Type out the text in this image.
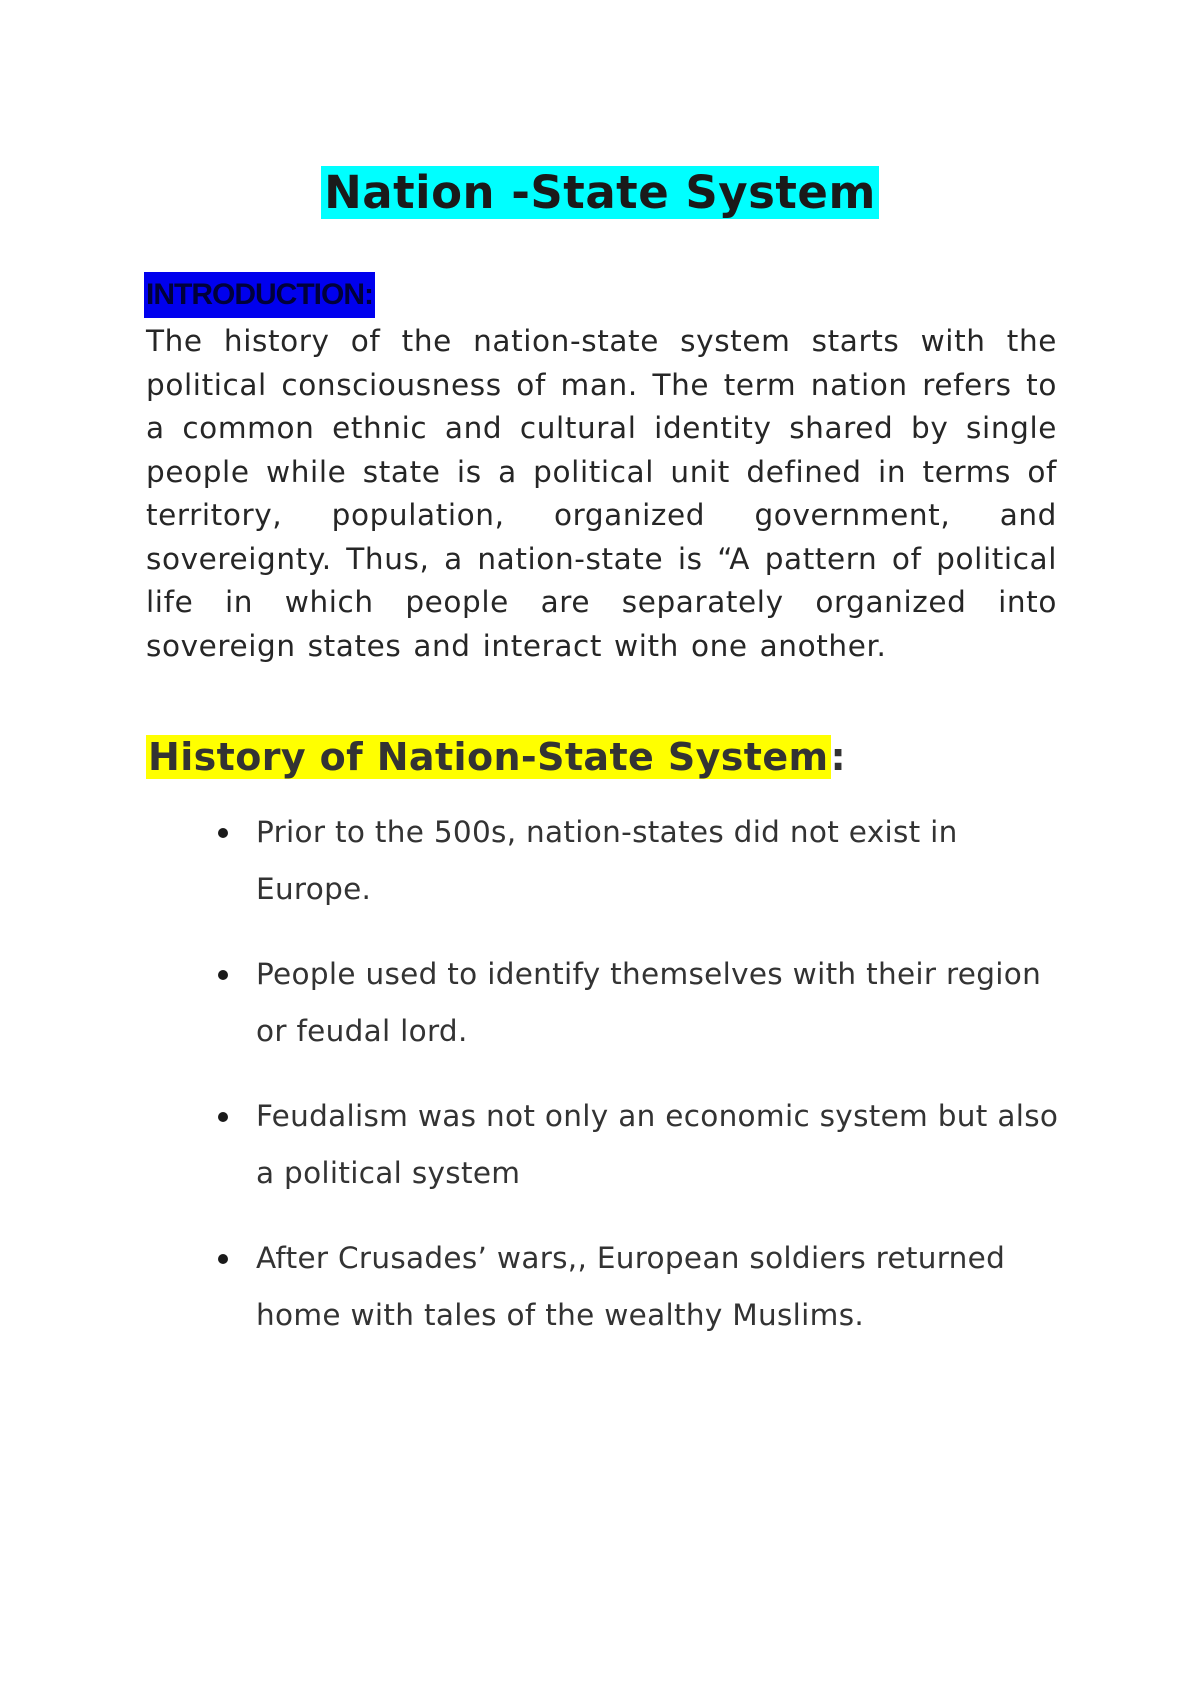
Nation -State System
INTRODUCTION:

The history of the nation-state system starts with the political consciousness of man. The term nation refers to a common ethnic and cultural identity shared by single people while state is a political unit defined in terms of territory, population, organized government, and sovereignty. Thus, a nation-state is “A pattern of political life in which people are separately organized into sovereign states and interact with one another.

History of Nation-State System:
Prior to the 500s, nation-states did not exist in Europe.
People used to identify themselves with their region or feudal lord.
Feudalism was not only an economic system but also a political system
After Crusades’ wars,, European soldiers returned home with tales of the wealthy Muslims.
